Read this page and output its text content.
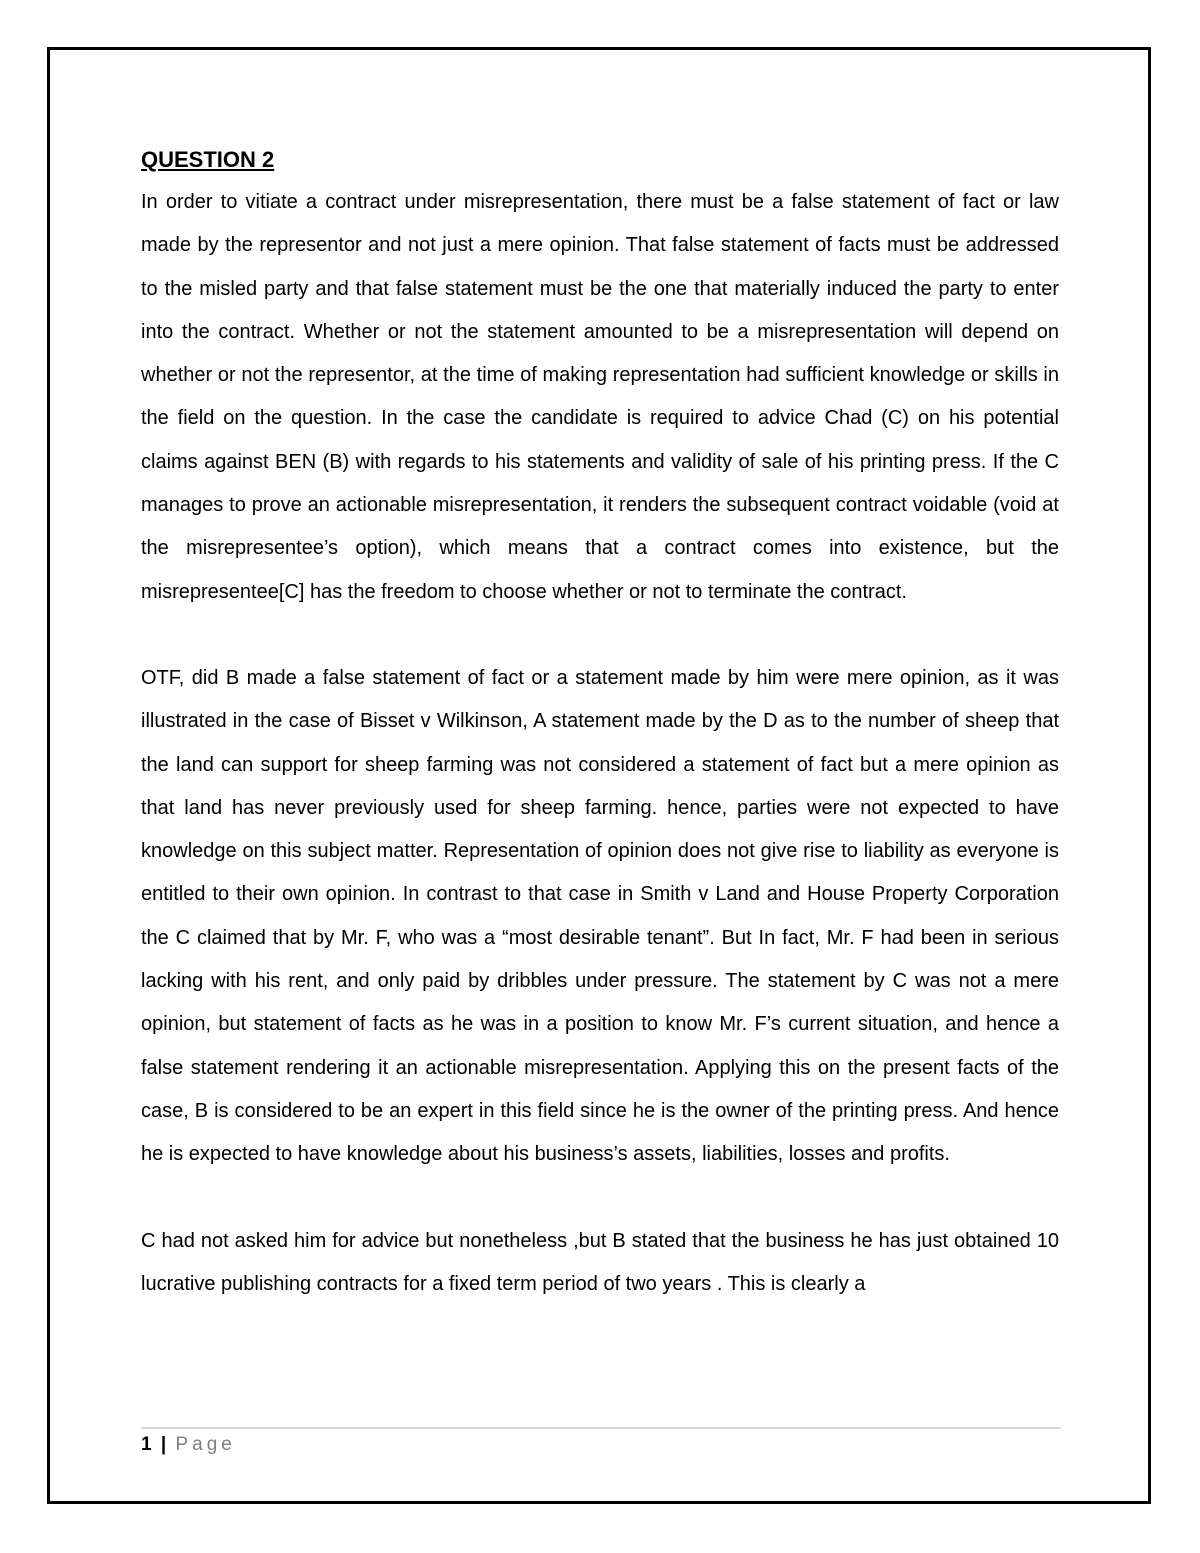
QUESTION 2

In order to vitiate a contract under misrepresentation, there must be a false statement of fact or law made by the representor and not just a mere opinion. That false statement of facts must be addressed to the misled party and that false statement must be the one that materially induced the party to enter into the contract. Whether or not the statement amounted to be a misrepresentation will depend on whether or not the representor, at the time of making representation had sufficient knowledge or skills in the field on the question. In the case the candidate is required to advice Chad (C) on his potential claims against BEN (B) with regards to his statements and validity of sale of his printing press. If the C manages to prove an actionable misrepresentation, it renders the subsequent contract voidable (void at the misrepresentee’s option), which means that a contract comes into existence, but the misrepresentee[C] has the freedom to choose whether or not to terminate the contract.

OTF, did B made a false statement of fact or a statement made by him were mere opinion, as it was illustrated in the case of Bisset v Wilkinson, A statement made by the D as to the number of sheep that the land can support for sheep farming was not considered a statement of fact but a mere opinion as that land has never previously used for sheep farming. hence, parties were not expected to have knowledge on this subject matter. Representation of opinion does not give rise to liability as everyone is entitled to their own opinion. In contrast to that case in Smith v Land and House Property Corporation the C claimed that by Mr. F, who was a “most desirable tenant”. But In fact, Mr. F had been in serious lacking with his rent, and only paid by dribbles under pressure. The statement by C was not a mere opinion, but statement of facts as he was in a position to know Mr. F’s current situation, and hence a false statement rendering it an actionable misrepresentation. Applying this on the present facts of the case, B is considered to be an expert in this field since he is the owner of the printing press. And hence he is expected to have knowledge about his business’s assets, liabilities, losses and profits.

C had not asked him for advice but nonetheless ,but B stated that the business he has just obtained 10 lucrative publishing contracts for a fixed term period of two years . This is clearly a

1 | Page
